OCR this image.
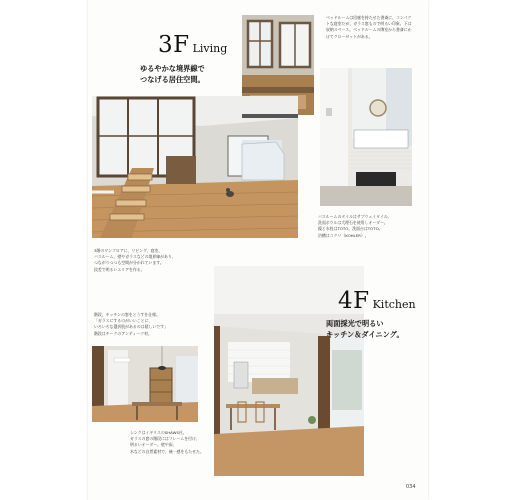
3F Living
ゆるやかな境界線で
つなげる居住空間。
ベッドルームは回廊を持たせた書斎に、コンパクトな寝室だが、ガラス窓もので明るい印象。下は収納スペース。ベッドルームの隣室から書斎にかけてクローゼットがある。
バスルームのタイルはサブウェイタイル。
洗面ボウルは大理石を使用しオーダー。
鏡と水栓はTOTO。洗面台はTOTO。
浴槽はコクリ（KOHLER）。
3階のワンフロアに、リビング、寝室、
バスルーム。壁やガラスなどの境界線があり、
つながりつつも空間が分かれています。
段差で明るいエリアを作る。
階段、キッチンの窓をとうすを仕様。
「ガラスにするのがいいことに、
いろいろな選択肢があるのは嬉しいです」
階段はチークのアンティーク材。
4F Kitchen
両面採光で明るい
キッチン＆ダイニング。
シンクはイギリスのSHAWS社。
ガラスの窓の階段にはフレームを付け、
明るいオーダー。壁や床、
木などの自然素材で、統一感をもたせた。
034
